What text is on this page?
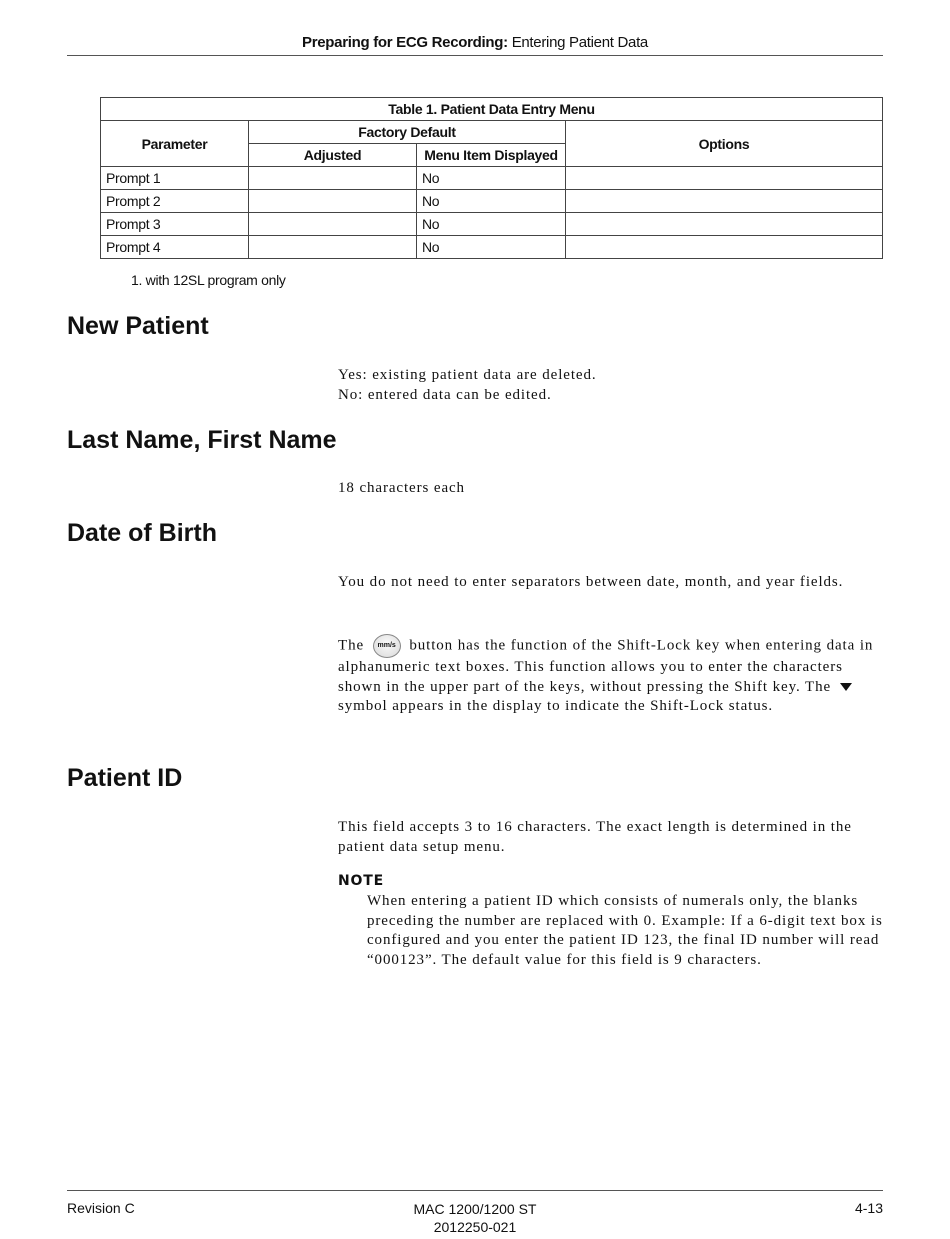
Preparing for ECG Recording: Entering Patient Data
Table 1. Patient Data Entry Menu			
Parameter	Factory Default		Options
	Adjusted	Menu Item Displayed	
Prompt 1		No	
Prompt 2		No	
Prompt 3		No	
Prompt 4		No	
1. with 12SL program only
New Patient

Yes: existing patient data are deleted.
No: entered data can be edited.

Last Name, First Name

18 characters each

Date of Birth

You do not need to enter separators between date, month, and year fields.

The mm/s button has the function of the Shift-Lock key when entering data in alphanumeric text boxes. This function allows you to enter the characters shown in the upper part of the keys, without pressing the Shift key. The  symbol appears in the display to indicate the Shift-Lock status.

Patient ID

This field accepts 3 to 16 characters. The exact length is determined in the patient data setup menu.

NOTE

When entering a patient ID which consists of numerals only, the blanks preceding the number are replaced with 0. Example: If a 6-digit text box is configured and you enter the patient ID 123, the final ID number will read “000123”. The default value for this field is 9 characters.

Revision C	MAC 1200/1200 ST
2012250-021
4-13
